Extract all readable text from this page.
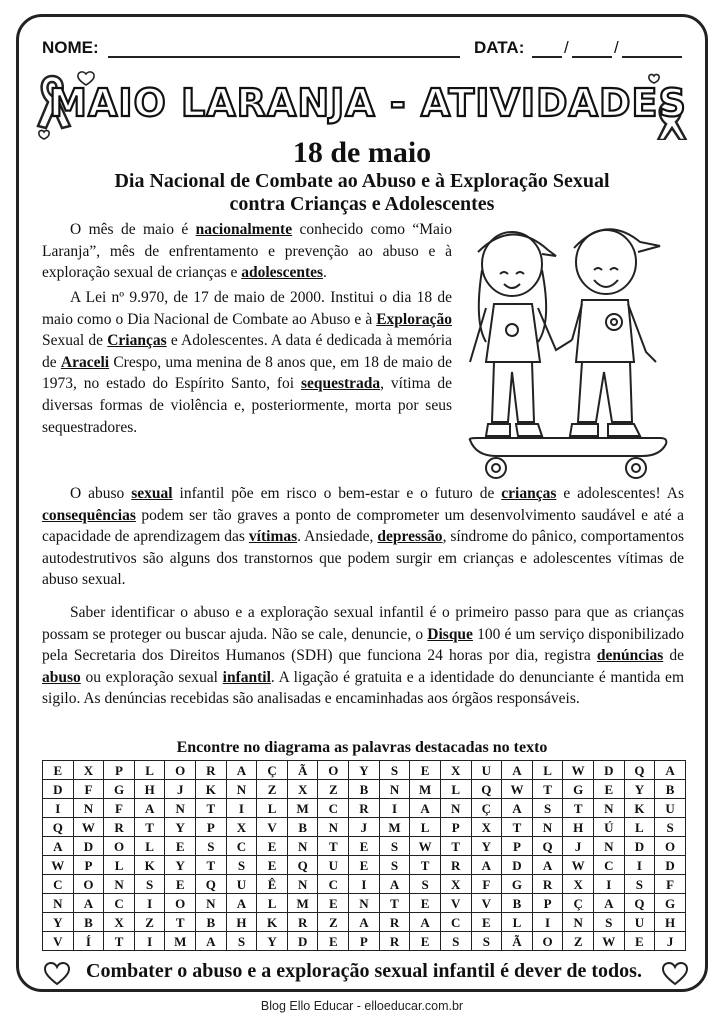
NOME:	DATA: /	/
MAIO LARANJA - ATIVIDADES
18 de maio
Dia Nacional de Combate ao Abuso e à Exploração Sexual
contra Crianças e Adolescentes
O mês de maio é nacionalmente conhecido como “Maio Laranja”, mês de enfrentamento e prevenção ao abuso e à exploração sexual de crianças e adolescentes.
A Lei nº 9.970, de 17 de maio de 2000. Institui o dia 18 de maio como o Dia Nacional de Combate ao Abuso e à Exploração Sexual de Crianças e Adolescentes. A data é dedicada à memória de Araceli Crespo, uma menina de 8 anos que, em 18 de maio de 1973, no estado do Espírito Santo, foi sequestrada, vítima de diversas formas de violência e, posteriormente, morta por seus sequestradores.
O abuso sexual infantil põe em risco o bem-estar e o futuro de crianças e adolescentes! As consequências podem ser tão graves a ponto de comprometer um desenvolvimento saudável e até a capacidade de aprendizagem das vítimas. Ansiedade, depressão, síndrome do pânico, comportamentos autodestrutivos são alguns dos transtornos que podem surgir em crianças e adolescentes vítimas de abuso sexual.
Saber identificar o abuso e a exploração sexual infantil é o primeiro passo para que as crianças possam se proteger ou buscar ajuda. Não se cale, denuncie, o Disque 100 é um serviço disponibilizado pela Secretaria dos Direitos Humanos (SDH) que funciona 24 horas por dia, registra denúncias de abuso ou exploração sexual infantil. A ligação é gratuita e a identidade do denunciante é mantida em sigilo. As denúncias recebidas são analisadas e encaminhadas aos órgãos responsáveis.
Encontre no diagrama as palavras destacadas no texto
E	X	P	L	O	R	A	Ç	Ã	O	Y	S	E	X	U	A	L	W	D	Q	A
D	F	G	H	J	K	N	Z	X	Z	B	N	M	L	Q	W	T	G	E	Y	B
I	N	F	A	N	T	I	L	M	C	R	I	A	N	Ç	A	S	T	N	K	U
Q	W	R	T	Y	P	X	V	B	N	J	M	L	P	X	T	N	H	Ú	L	S
A	D	O	L	E	S	C	E	N	T	E	S	W	T	Y	P	Q	J	N	D	O
W	P	L	K	Y	T	S	E	Q	U	E	S	T	R	A	D	A	W	C	I	D
C	O	N	S	E	Q	U	Ê	N	C	I	A	S	X	F	G	R	X	I	S	F
N	A	C	I	O	N	A	L	M	E	N	T	E	V	V	B	P	Ç	A	Q	G
Y	B	X	Z	T	B	H	K	R	Z	A	R	A	C	E	L	I	N	S	U	H
V	Í	T	I	M	A	S	Y	D	E	P	R	E	S	S	Ã	O	Z	W	E	J
Combater o abuso e a exploração sexual infantil é dever de todos.
Blog Ello Educar - elloeducar.com.br
